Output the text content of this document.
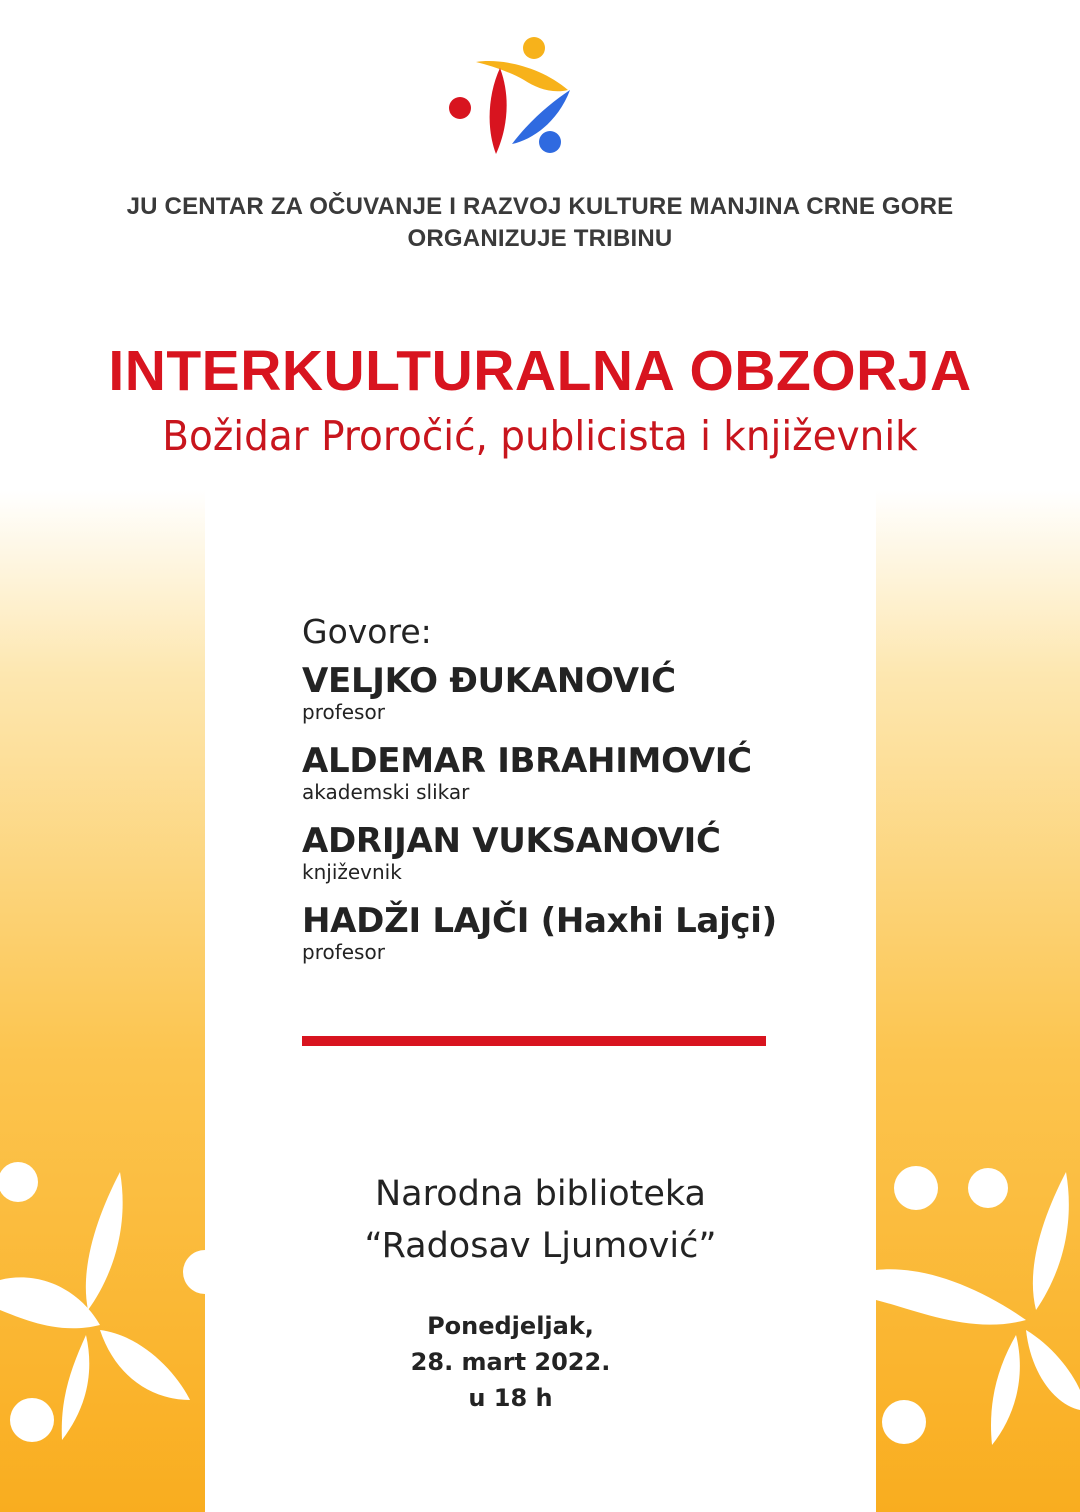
JU CENTAR ZA OČUVANJE I RAZVOJ KULTURE MANJINA CRNE GORE
ORGANIZUJE TRIBINU
INTERKULTURALNA OBZORJA
Božidar Proročić, publicista i književnik
Govore:
VELJKO ĐUKANOVIĆ
profesor
ALDEMAR IBRAHIMOVIĆ
akademski slikar
ADRIJAN VUKSANOVIĆ
književnik
HADŽI LAJČI (Haxhi Lajçi)
profesor
Narodna biblioteka
“Radosav Ljumović”
Ponedjeljak,
28. mart 2022.
u 18 h
